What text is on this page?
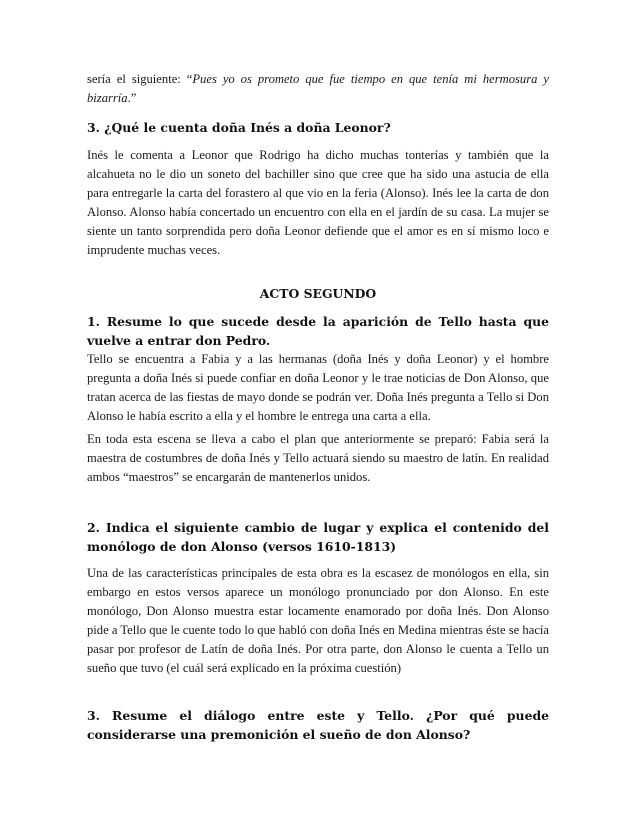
sería el siguiente: “Pues yo os prometo que fue tiempo en que tenía mi hermosura y bizarría.”

3. ¿Qué le cuenta doña Inés a doña Leonor?

Inés le comenta a Leonor que Rodrigo ha dicho muchas tonterías y también que la alcahueta no le dio un soneto del bachiller sino que cree que ha sido una astucia de ella para entregarle la carta del forastero al que vio en la feria (Alonso). Inés lee la carta de don Alonso. Alonso había concertado un encuentro con ella en el jardín de su casa. La mujer se siente un tanto sorprendida pero doña Leonor defiende que el amor es en sí mismo loco e imprudente muchas veces.

ACTO SEGUNDO
1. Resume lo que sucede desde la aparición de Tello hasta que vuelve a entrar don Pedro.

Tello se encuentra a Fabia y a las hermanas (doña Inés y doña Leonor) y el hombre pregunta a doña Inés si puede confiar en doña Leonor y le trae noticias de Don Alonso, que tratan acerca de las fiestas de mayo donde se podrán ver. Doña Inés pregunta a Tello si Don Alonso le había escrito a ella y el hombre le entrega una carta a ella.

En toda esta escena se lleva a cabo el plan que anteriormente se preparó: Fabia será la maestra de costumbres de doña Inés y Tello actuará siendo su maestro de latín. En realidad ambos “maestros” se encargarán de mantenerlos unidos.

2. Indica el siguiente cambio de lugar y explica el contenido del monólogo de don Alonso (versos 1610-1813)

Una de las características principales de esta obra es la escasez de monólogos en ella, sin embargo en estos versos aparece un monólogo pronunciado por don Alonso. En este monólogo, Don Alonso muestra estar locamente enamorado por doña Inés. Don Alonso pide a Tello que le cuente todo lo que habló con doña Inés en Medina mientras éste se hacía pasar por profesor de Latín de doña Inés. Por otra parte, don Alonso le cuenta a Tello un sueño que tuvo (el cuál será explicado en la próxima cuestión)

3. Resume el diálogo entre este y Tello. ¿Por qué puede considerarse una premonición el sueño de don Alonso?
